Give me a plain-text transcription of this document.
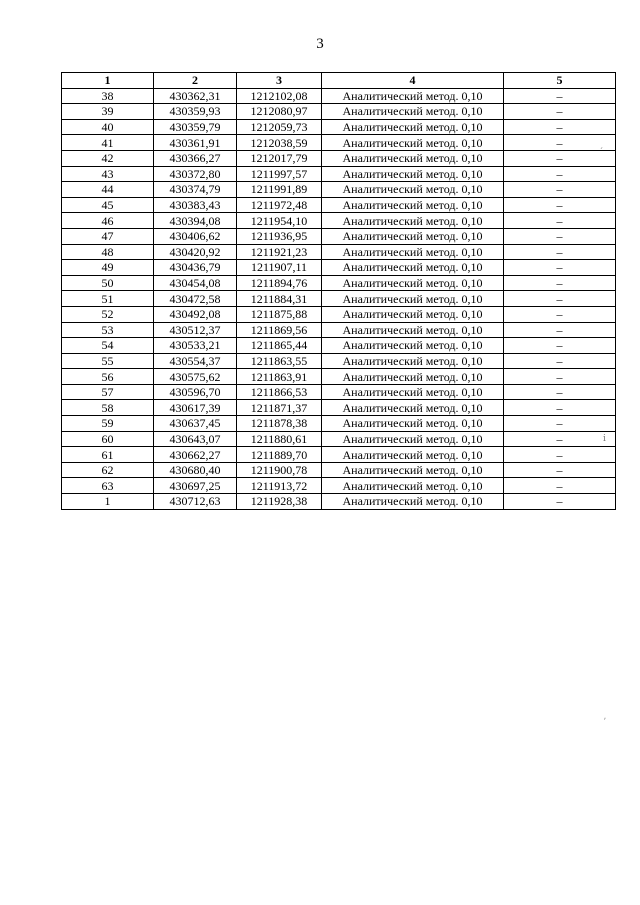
3
1	2	3	4	5
38	430362,31	1212102,08	Аналитический метод. 0,10	–
39	430359,93	1212080,97	Аналитический метод. 0,10	–
40	430359,79	1212059,73	Аналитический метод. 0,10	–
41	430361,91	1212038,59	Аналитический метод. 0,10	–
42	430366,27	1212017,79	Аналитический метод. 0,10	–
43	430372,80	1211997,57	Аналитический метод. 0,10	–
44	430374,79	1211991,89	Аналитический метод. 0,10	–
45	430383,43	1211972,48	Аналитический метод. 0,10	–
46	430394,08	1211954,10	Аналитический метод. 0,10	–
47	430406,62	1211936,95	Аналитический метод. 0,10	–
48	430420,92	1211921,23	Аналитический метод. 0,10	–
49	430436,79	1211907,11	Аналитический метод. 0,10	–
50	430454,08	1211894,76	Аналитический метод. 0,10	–
51	430472,58	1211884,31	Аналитический метод. 0,10	–
52	430492,08	1211875,88	Аналитический метод. 0,10	–
53	430512,37	1211869,56	Аналитический метод. 0,10	–
54	430533,21	1211865,44	Аналитический метод. 0,10	–
55	430554,37	1211863,55	Аналитический метод. 0,10	–
56	430575,62	1211863,91	Аналитический метод. 0,10	–
57	430596,70	1211866,53	Аналитический метод. 0,10	–
58	430617,39	1211871,37	Аналитический метод. 0,10	–
59	430637,45	1211878,38	Аналитический метод. 0,10	–
60	430643,07	1211880,61	Аналитический метод. 0,10	–
61	430662,27	1211889,70	Аналитический метод. 0,10	–
62	430680,40	1211900,78	Аналитический метод. 0,10	–
63	430697,25	1211913,72	Аналитический метод. 0,10	–
1	430712,63	1211928,38	Аналитический метод. 0,10	–
´
ⅰ
ʹ
